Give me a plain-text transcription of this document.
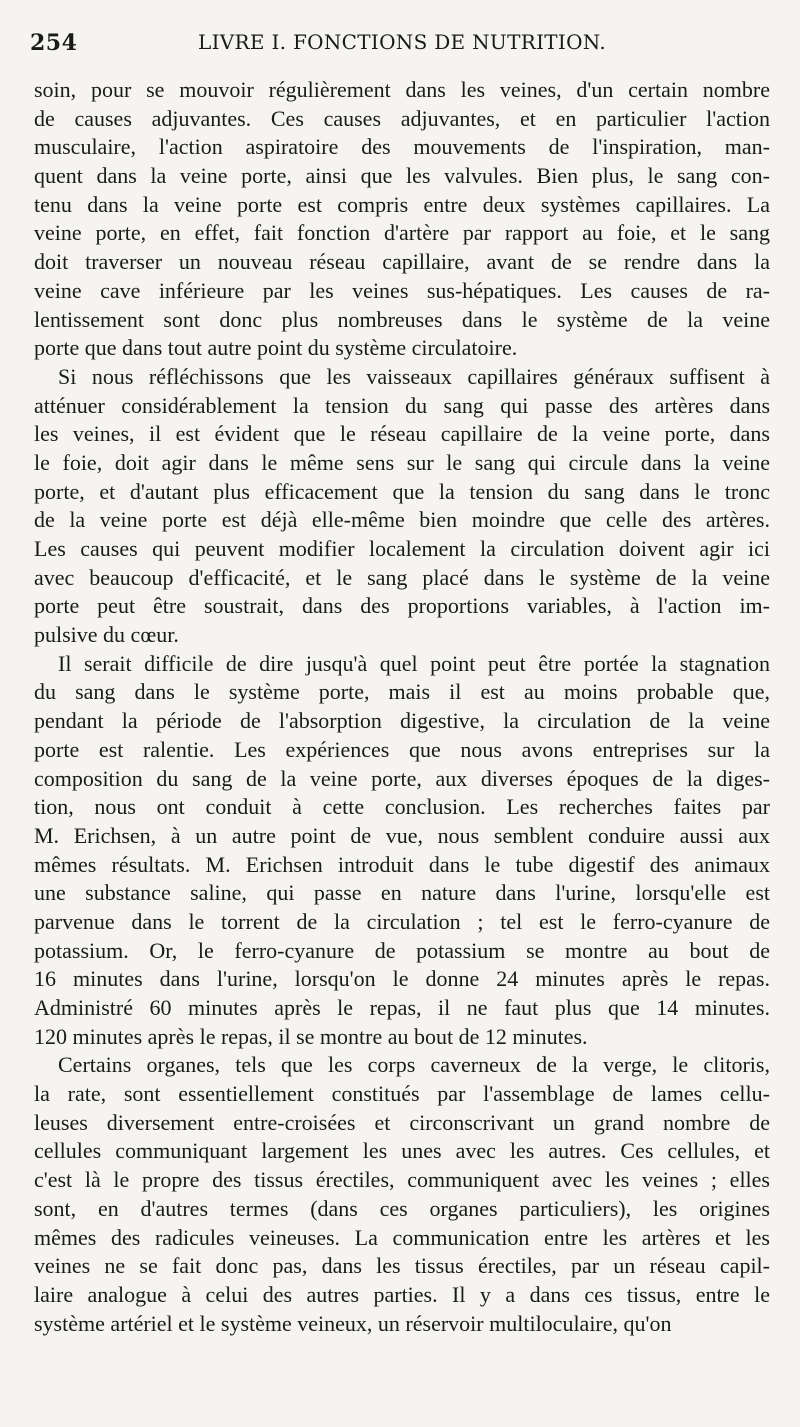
254	LIVRE I. FONCTIONS DE NUTRITION.
soin, pour se mouvoir régulièrement dans les veines, d'un certain nombre
de causes adjuvantes. Ces causes adjuvantes, et en particulier l'action
musculaire, l'action aspiratoire des mouvements de l'inspiration, man-
quent dans la veine porte, ainsi que les valvules. Bien plus, le sang con-
tenu dans la veine porte est compris entre deux systèmes capillaires. La
veine porte, en effet, fait fonction d'artère par rapport au foie, et le sang
doit traverser un nouveau réseau capillaire, avant de se rendre dans la
veine cave inférieure par les veines sus-hépatiques. Les causes de ra-
lentissement sont donc plus nombreuses dans le système de la veine
porte que dans tout autre point du système circulatoire.
Si nous réfléchissons que les vaisseaux capillaires généraux suffisent à
atténuer considérablement la tension du sang qui passe des artères dans
les veines, il est évident que le réseau capillaire de la veine porte, dans
le foie, doit agir dans le même sens sur le sang qui circule dans la veine
porte, et d'autant plus efficacement que la tension du sang dans le tronc
de la veine porte est déjà elle-même bien moindre que celle des artères.
Les causes qui peuvent modifier localement la circulation doivent agir ici
avec beaucoup d'efficacité, et le sang placé dans le système de la veine
porte peut être soustrait, dans des proportions variables, à l'action im-
pulsive du cœur.
Il serait difficile de dire jusqu'à quel point peut être portée la stagnation
du sang dans le système porte, mais il est au moins probable que,
pendant la période de l'absorption digestive, la circulation de la veine
porte est ralentie. Les expériences que nous avons entreprises sur la
composition du sang de la veine porte, aux diverses époques de la diges-
tion, nous ont conduit à cette conclusion. Les recherches faites par
M. Erichsen, à un autre point de vue, nous semblent conduire aussi aux
mêmes résultats. M. Erichsen introduit dans le tube digestif des animaux
une substance saline, qui passe en nature dans l'urine, lorsqu'elle est
parvenue dans le torrent de la circulation ; tel est le ferro-cyanure de
potassium. Or, le ferro-cyanure de potassium se montre au bout de
16 minutes dans l'urine, lorsqu'on le donne 24 minutes après le repas.
Administré 60 minutes après le repas, il ne faut plus que 14 minutes.
120 minutes après le repas, il se montre au bout de 12 minutes.
Certains organes, tels que les corps caverneux de la verge, le clitoris,
la rate, sont essentiellement constitués par l'assemblage de lames cellu-
leuses diversement entre-croisées et circonscrivant un grand nombre de
cellules communiquant largement les unes avec les autres. Ces cellules, et
c'est là le propre des tissus érectiles, communiquent avec les veines ; elles
sont, en d'autres termes (dans ces organes particuliers), les origines
mêmes des radicules veineuses. La communication entre les artères et les
veines ne se fait donc pas, dans les tissus érectiles, par un réseau capil-
laire analogue à celui des autres parties. Il y a dans ces tissus, entre le
système artériel et le système veineux, un réservoir multiloculaire, qu'on
